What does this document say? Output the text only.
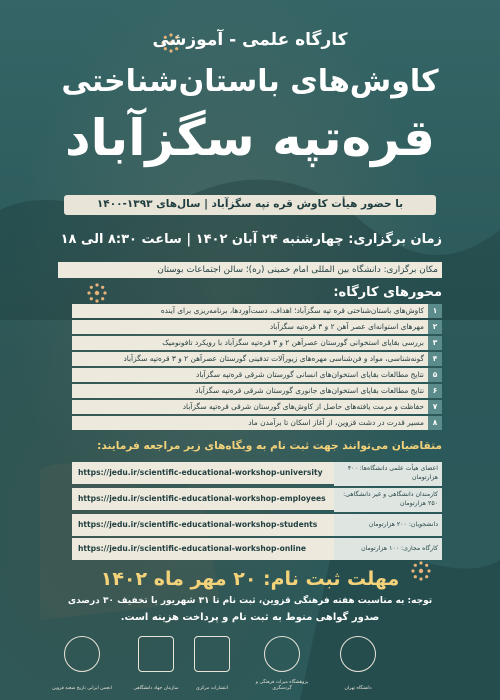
کارگاه علمی - آموزشی
کاوش‌های باستان‌شناختی
قره‌تپه سگزآباد
با حضور هیأت کاوش قره تپه سگزآباد | سال‌های ۱۳۹۳-۱۴۰۰
زمان برگزاری: چهارشنبه ۲۴ آبان ۱۴۰۲ | ساعت ۸:۳۰ الی ۱۸
مکان برگزاری: دانشگاه بین المللی امام خمینی (ره)؛ سالن اجتماعات بوستان
محورهای کارگاه:
۱
کاوش‌های باستان‌شناختی قره تپه سگزآباد؛ اهداف، دست‌آوردها، برنامه‌ریزی برای آینده
۲
مهرهای استوانه‌ای عصر آهن ۲ و ۳ قره‌تپه سگزآباد
۳
بررسی بقایای استخوانی گورستان عصرآهن ۲ و ۳ قره‌تپه سگزآباد با رویکرد تافونومیک
۴
گونه‌شناسی، مواد و فن‌شناسی مهره‌های زیورآلات تدفینی گورستان عصرآهن ۲ و ۳ قره‌تپه سگزآباد
۵
نتایج مطالعات بقایای استخوان‌های انسانی گورستان شرقی قره‌تپه سگزآباد
۶
نتایج مطالعات بقایای استخوان‌های جانوری گورستان شرقی قره‌تپه سگزآباد
۷
حفاظت و مرمت یافته‌های حاصل از کاوش‌های گورستان شرقی قره‌تپه سگزآباد
۸
مسیر قدرت در دشت قزوین، از آغاز اسکان تا برآمدن ماد
متقاضیان می‌توانند جهت ثبت نام به وبگاه‌های زیر مراجعه فرمایند:
https://jedu.ir/scientific-educational-workshop-university	اعضای هیأت علمی دانشگاه‌ها: ۴۰۰ هزارتومان
https://jedu.ir/scientific-educational-workshop-employees	کارمندان دانشگاهی و غیر دانشگاهی: ۲۵۰ هزارتومان
https://jedu.ir/scientific-educational-workshop-students	دانشجویان: ۲۰۰ هزارتومان
https://jedu.ir/scientific-educational-workshop-online	کارگاه مجازی: ۱۰۰ هزارتومان
مهلت ثبت نام: ۲۰ مهر ماه ۱۴۰۲
توجه: به مناسبت هفته فرهنگی قزوین، ثبت نام تا ۳۱ شهریور با تخفیف ۳۰ درصدی
صدور گواهی منوط به ثبت نام و پرداخت هزینه است.
دانشگاه تهران
پژوهشگاه میراث فرهنگی و گردشگری
انتشارات مرکزی
سازمان جهاد دانشگاهی
انجمن ایرانی تاریخ شعبه قزوین
